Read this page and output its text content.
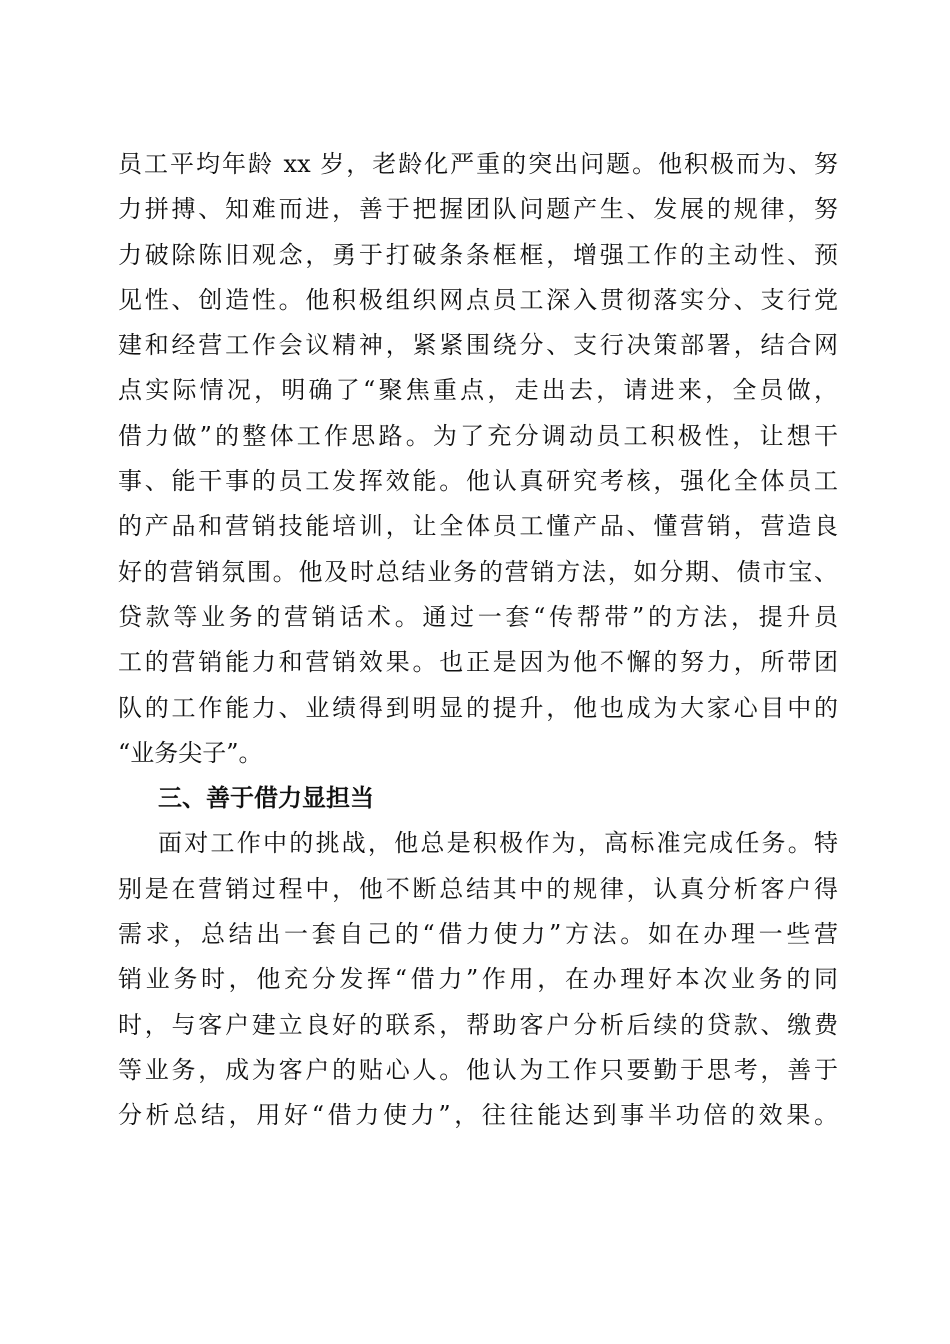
员工平均年龄 xx 岁，老龄化严重的突出问题。他积极而为、努
力拼搏、知难而进，善于把握团队问题产生、发展的规律，努
力破除陈旧观念，勇于打破条条框框，增强工作的主动性、预
见性、创造性。他积极组织网点员工深入贯彻落实分、支行党
建和经营工作会议精神，紧紧围绕分、支行决策部署，结合网
点实际情况，明确了“聚焦重点，走出去，请进来，全员做，
借力做”的整体工作思路。为了充分调动员工积极性，让想干
事、能干事的员工发挥效能。他认真研究考核，强化全体员工
的产品和营销技能培训，让全体员工懂产品、懂营销，营造良
好的营销氛围。他及时总结业务的营销方法，如分期、债市宝、
贷款等业务的营销话术。通过一套“传帮带”的方法，提升员
工的营销能力和营销效果。也正是因为他不懈的努力，所带团
队的工作能力、业绩得到明显的提升，他也成为大家心目中的
“业务尖子”。
三、善于借力显担当
面对工作中的挑战，他总是积极作为，高标准完成任务。特
别是在营销过程中，他不断总结其中的规律，认真分析客户得
需求，总结出一套自己的“借力使力”方法。如在办理一些营
销业务时，他充分发挥“借力”作用，在办理好本次业务的同
时，与客户建立良好的联系，帮助客户分析后续的贷款、缴费
等业务，成为客户的贴心人。他认为工作只要勤于思考，善于
分析总结，用好“借力使力”，往往能达到事半功倍的效果。
